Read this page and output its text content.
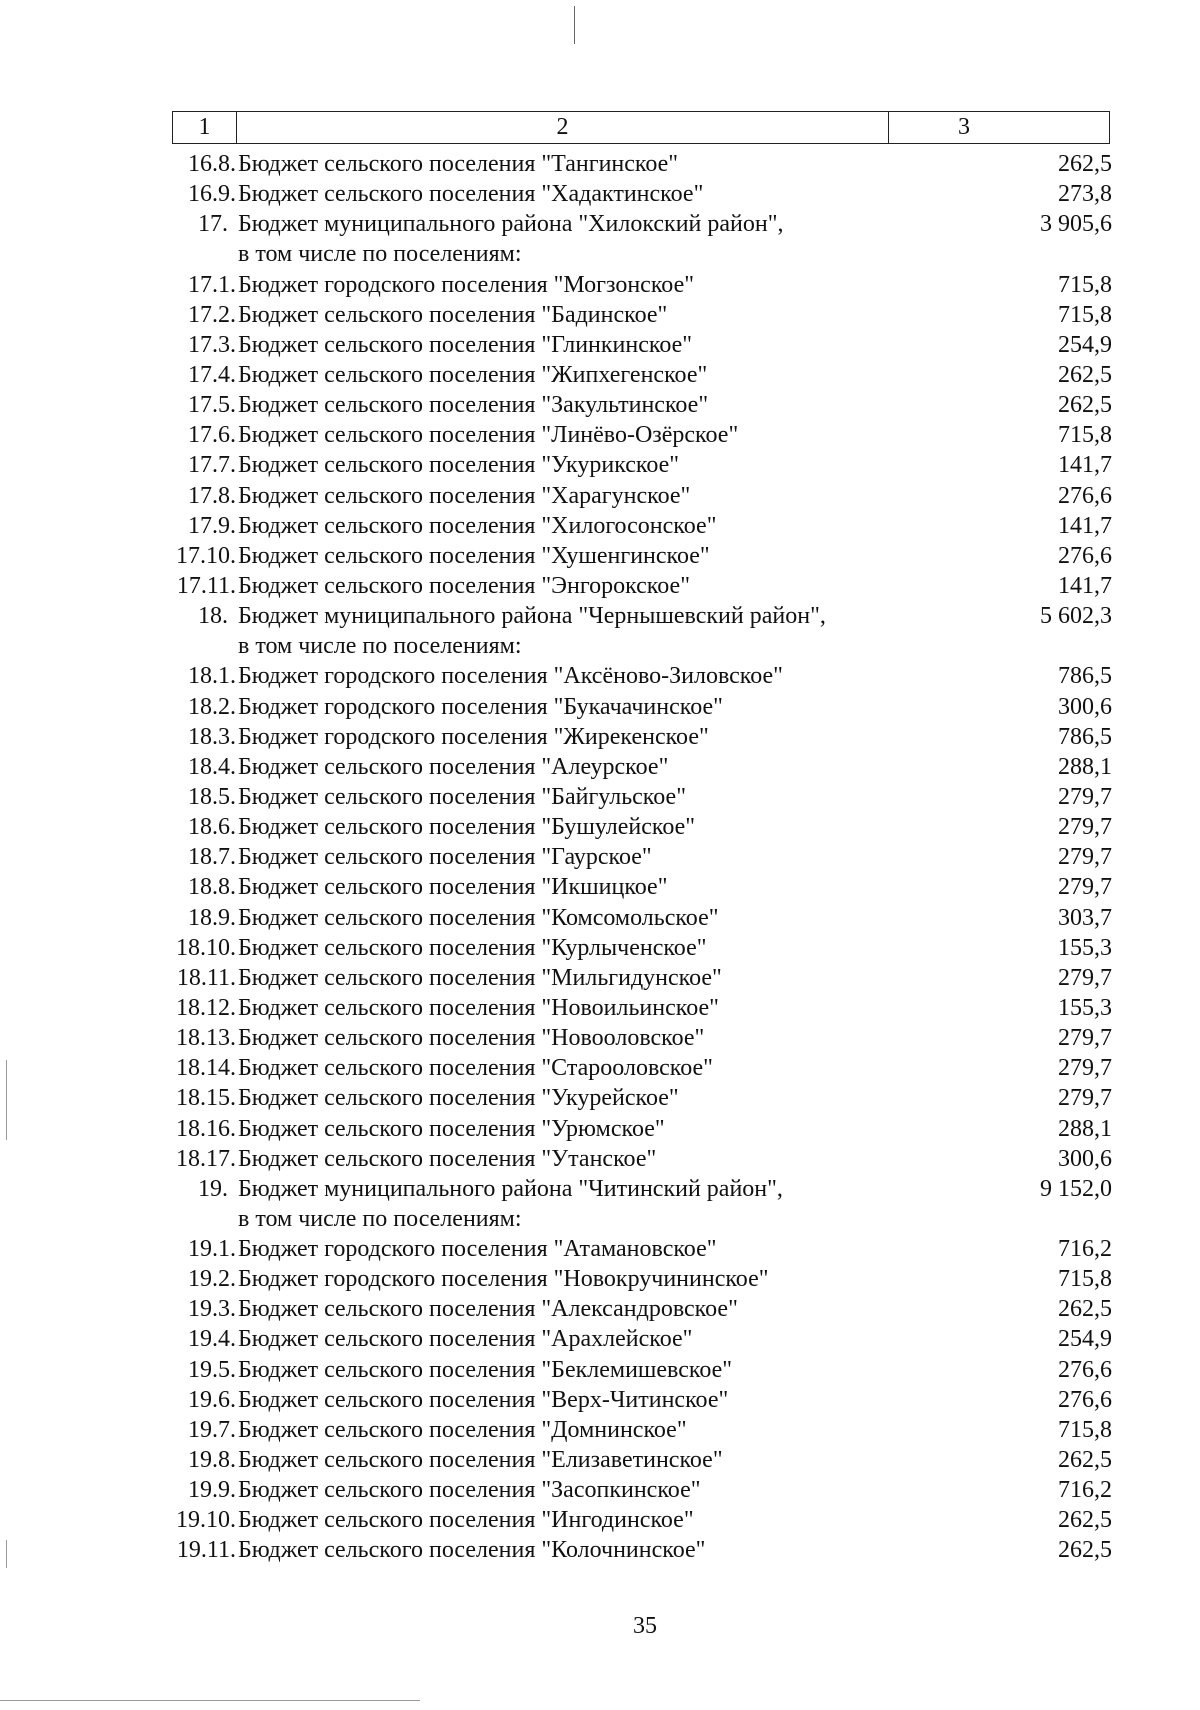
1	2	3
16.8. Бюджет сельского поселения "Тангинское"	262,5
16.9. Бюджет сельского поселения "Хадактинское"	273,8
17. Бюджет муниципального района "Хилокский район",	3 905,6
в том числе по поселениям:
17.1. Бюджет городского поселения "Могзонское"	715,8
17.2. Бюджет сельского поселения "Бадинское"	715,8
17.3. Бюджет сельского поселения "Глинкинское"	254,9
17.4. Бюджет сельского поселения "Жипхегенское"	262,5
17.5. Бюджет сельского поселения "Закультинское"	262,5
17.6. Бюджет сельского поселения "Линёво-Озёрское"	715,8
17.7. Бюджет сельского поселения "Укурикское"	141,7
17.8. Бюджет сельского поселения "Харагунское"	276,6
17.9. Бюджет сельского поселения "Хилогосонское"	141,7
17.10. Бюджет сельского поселения "Хушенгинское"	276,6
17.11. Бюджет сельского поселения "Энгорокское"	141,7
18. Бюджет муниципального района "Чернышевский район",	5 602,3
в том числе по поселениям:
18.1. Бюджет городского поселения "Аксёново-Зиловское"	786,5
18.2. Бюджет городского поселения "Букачачинское"	300,6
18.3. Бюджет городского поселения "Жирекенское"	786,5
18.4. Бюджет сельского поселения "Алеурское"	288,1
18.5. Бюджет сельского поселения "Байгульское"	279,7
18.6. Бюджет сельского поселения "Бушулейское"	279,7
18.7. Бюджет сельского поселения "Гаурское"	279,7
18.8. Бюджет сельского поселения "Икшицкое"	279,7
18.9. Бюджет сельского поселения "Комсомольское"	303,7
18.10. Бюджет сельского поселения "Курлыченское"	155,3
18.11. Бюджет сельского поселения "Мильгидунское"	279,7
18.12. Бюджет сельского поселения "Новоильинское"	155,3
18.13. Бюджет сельского поселения "Новооловское"	279,7
18.14. Бюджет сельского поселения "Старооловское"	279,7
18.15. Бюджет сельского поселения "Укурейское"	279,7
18.16. Бюджет сельского поселения "Урюмское"	288,1
18.17. Бюджет сельского поселения "Утанское"	300,6
19. Бюджет муниципального района "Читинский район",	9 152,0
в том числе по поселениям:
19.1. Бюджет городского поселения "Атамановское"	716,2
19.2. Бюджет городского поселения "Новокручининское"	715,8
19.3. Бюджет сельского поселения "Александровское"	262,5
19.4. Бюджет сельского поселения "Арахлейское"	254,9
19.5. Бюджет сельского поселения "Беклемишевское"	276,6
19.6. Бюджет сельского поселения "Верх-Читинское"	276,6
19.7. Бюджет сельского поселения "Домнинское"	715,8
19.8. Бюджет сельского поселения "Елизаветинское"	262,5
19.9. Бюджет сельского поселения "Засопкинское"	716,2
19.10. Бюджет сельского поселения "Ингодинское"	262,5
19.11. Бюджет сельского поселения "Колочнинское"	262,5
35
